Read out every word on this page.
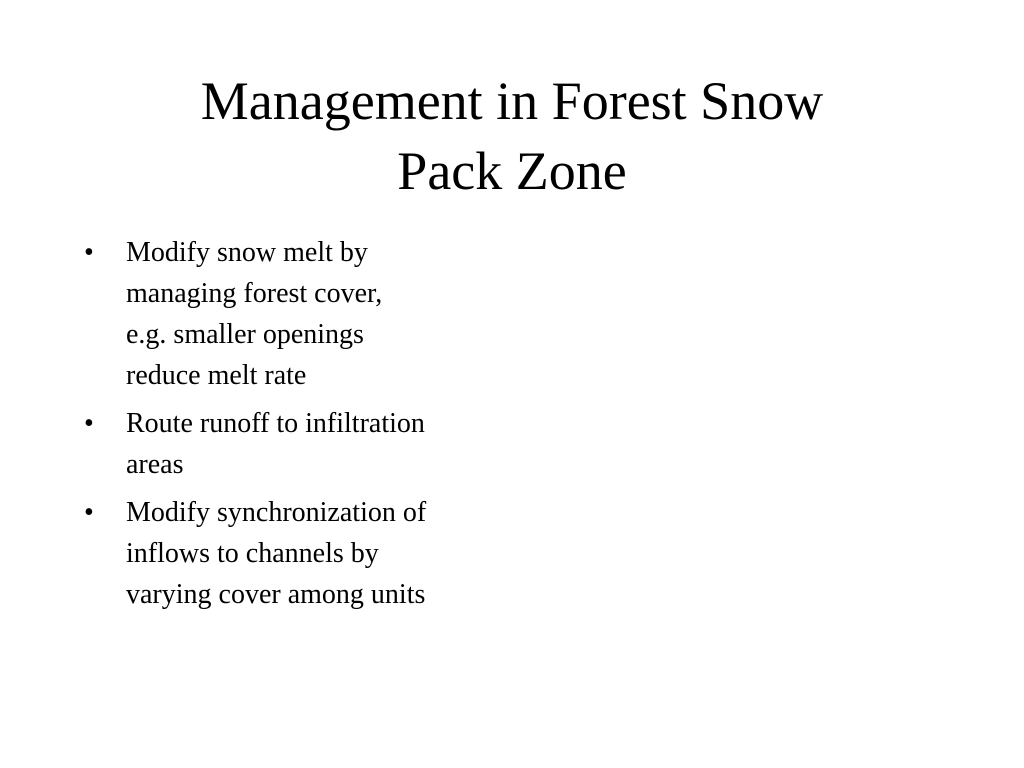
Management in Forest Snow
Pack Zone
• Modify snow melt by
managing forest cover,
e.g. smaller openings
reduce melt rate
• Route runoff to infiltration
areas
• Modify synchronization of
inflows to channels by
varying cover among units
